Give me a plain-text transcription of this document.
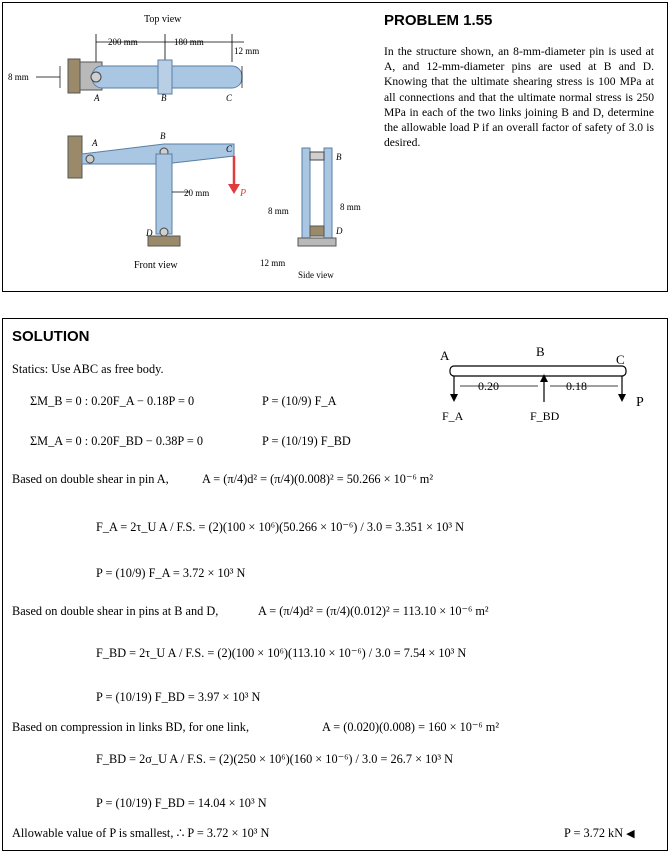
Top view
200 mm	180 mm
12 mm
8 mm
A	B	C
A
B
C
D
20 mm	P
Front view
B
D
8 mm	8 mm
12 mm
Side view
PROBLEM 1.55
In the structure shown, an 8-mm-diameter pin is used at A, and 12-mm-diameter pins are used at B and D. Knowing that the ultimate shearing stress is 100 MPa at all connections and that the ultimate normal stress is 250 MPa in each of the two links joining B and D, determine the allowable load P if an overall factor of safety of 3.0 is desired.
SOLUTION
A	B
C
0.20	0.18
P
F_A	F_BD
Statics: Use ABC as free body.
ΣM_B = 0 : 0.20F_A − 0.18P = 0	P = (10/9) F_A
ΣM_A = 0 : 0.20F_BD − 0.38P = 0	P = (10/19) F_BD
Based on double shear in pin A,	A = (π/4)d² = (π/4)(0.008)² = 50.266 × 10⁻⁶ m²
F_A = 2τ_U A / F.S. = (2)(100 × 10⁶)(50.266 × 10⁻⁶) / 3.0 = 3.351 × 10³ N
P = (10/9) F_A = 3.72 × 10³ N
Based on double shear in pins at B and D,	A = (π/4)d² = (π/4)(0.012)² = 113.10 × 10⁻⁶ m²
F_BD = 2τ_U A / F.S. = (2)(100 × 10⁶)(113.10 × 10⁻⁶) / 3.0 = 7.54 × 10³ N
P = (10/19) F_BD = 3.97 × 10³ N
Based on compression in links BD, for one link,	A = (0.020)(0.008) = 160 × 10⁻⁶ m²
F_BD = 2σ_U A / F.S. = (2)(250 × 10⁶)(160 × 10⁻⁶) / 3.0 = 26.7 × 10³ N
P = (10/19) F_BD = 14.04 × 10³ N
Allowable value of P is smallest, ∴ P = 3.72 × 10³ N	P = 3.72 kN ◀
